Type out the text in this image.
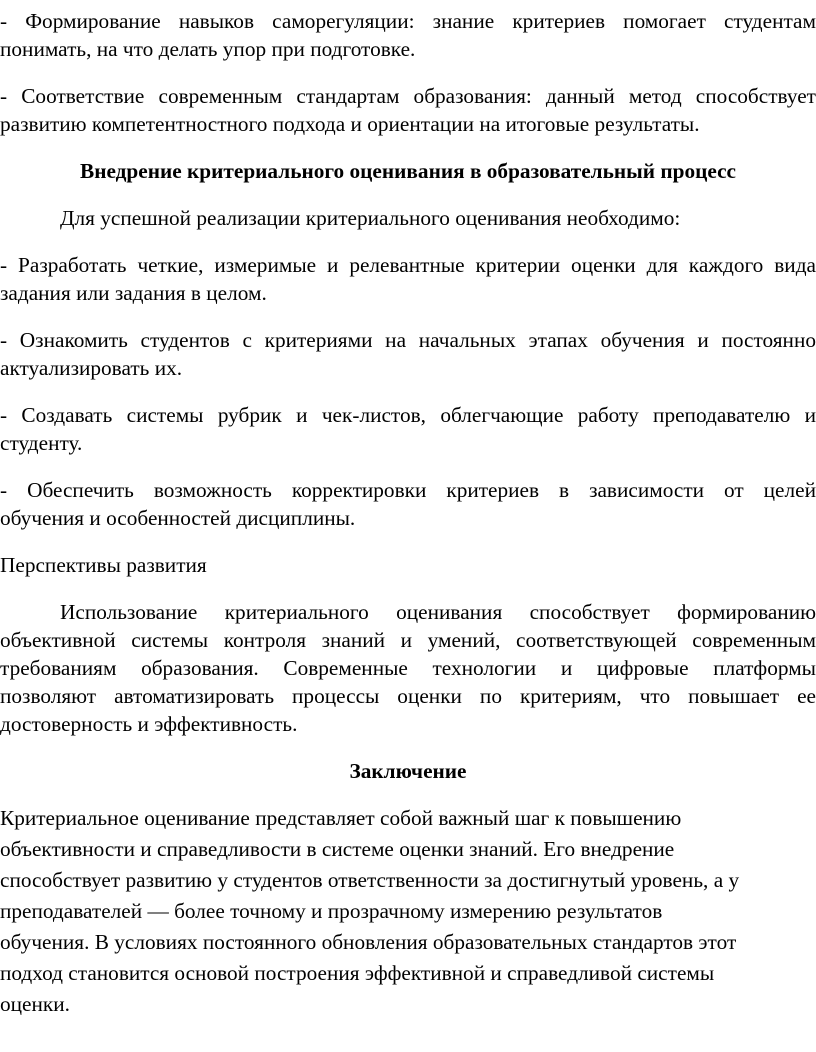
- Формирование навыков саморегуляции: знание критериев помогает студентам
понимать, на что делать упор при подготовке.
- Соответствие современным стандартам образования: данный метод способствует
развитию компетентностного подхода и ориентации на итоговые результаты.
Внедрение критериального оценивания в образовательный процесс
Для успешной реализации критериального оценивания необходимо:
- Разработать четкие, измеримые и релевантные критерии оценки для каждого вида
задания или задания в целом.
- Ознакомить студентов с критериями на начальных этапах обучения и постоянно
актуализировать их.
- Создавать системы рубрик и чек-листов, облегчающие работу преподавателю и
студенту.
- Обеспечить возможность корректировки критериев в зависимости от целей
обучения и особенностей дисциплины.
Перспективы развития
Использование критериального оценивания способствует формированию
объективной системы контроля знаний и умений, соответствующей современным
требованиям образования. Современные технологии и цифровые платформы
позволяют автоматизировать процессы оценки по критериям, что повышает ее
достоверность и эффективность.
Заключение
Критериальное оценивание представляет собой важный шаг к повышению
объективности и справедливости в системе оценки знаний. Его внедрение
способствует развитию у студентов ответственности за достигнутый уровень, а у
преподавателей — более точному и прозрачному измерению результатов
обучения. В условиях постоянного обновления образовательных стандартов этот
подход становится основой построения эффективной и справедливой системы
оценки.
